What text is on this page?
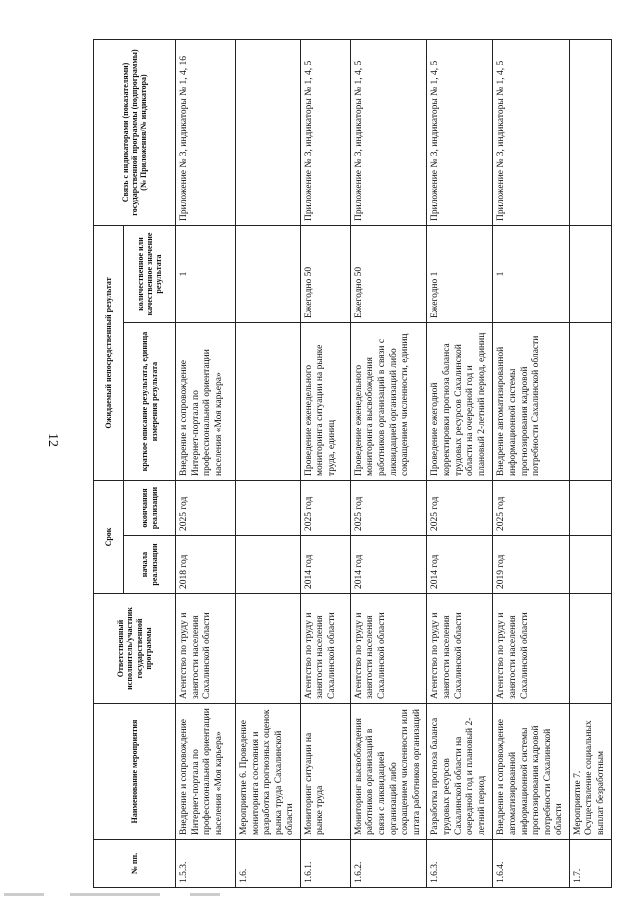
12
№ пп.	Наименование мероприятия	Ответственный исполнитель/участник государственной программы	Срок		Ожидаемый непосредственный результат		Связь с индикаторами (показателями) государственной программы (подпрограммы) (№ Приложения/№ индикатора)
			начала реализации	окончания реализации	краткое описание результата, единица измерения результата	количественное или качественное значение результата	
1.5.3.	Внедрение и сопровождение Интернет-портала по профессиональной ориентации населения «Моя карьера»	Агентство по труду и занятости населения Сахалинской области	2018 год	2025 год	Внедрение и сопровождение Интернет-портала по профессиональной ориентации населения «Моя карьера»	1	Приложение № 3, индикаторы № 1, 4, 16
1.6.	Мероприятие 6. Проведение мониторинга состояния и разработка прогнозных оценок рынка труда Сахалинской области						
1.6.1.	Мониторинг ситуации на рынке труда	Агентство по труду и занятости населения Сахалинской области	2014 год	2025 год	Проведение еженедельного мониторинга ситуации на рынке труда, единиц	Ежегодно 50	Приложение № 3, индикаторы № 1, 4, 5
1.6.2.	Мониторинг высвобождения работников организаций в связи с ликвидацией организаций либо сокращением численности или штата работников организаций	Агентство по труду и занятости населения Сахалинской области	2014 год	2025 год	Проведение еженедельного мониторинга высвобождения работников организаций в связи с ликвидацией организаций либо сокращением численности, единиц	Ежегодно 50	Приложение № 3, индикаторы № 1, 4, 5
1.6.3.	Разработка прогноза баланса трудовых ресурсов Сахалинской области на очередной год и плановый 2-летний период	Агентство по труду и занятости населения Сахалинской области	2014 год	2025 год	Проведение ежегодной корректировки прогноза баланса трудовых ресурсов Сахалинской области на очередной год и плановый 2-летний период, единиц	Ежегодно 1	Приложение № 3, индикаторы № 1, 4, 5
1.6.4.	Внедрение и сопровождение автоматизированной информационной системы прогнозирования кадровой потребности Сахалинской области	Агентство по труду и занятости населения Сахалинской области	2019 год	2025 год	Внедрение автоматизированной информационной системы прогнозирования кадровой потребности Сахалинской области	1	Приложение № 3, индикаторы № 1, 4, 5
1.7.	Мероприятие 7. Осуществление социальных выплат безработным						
